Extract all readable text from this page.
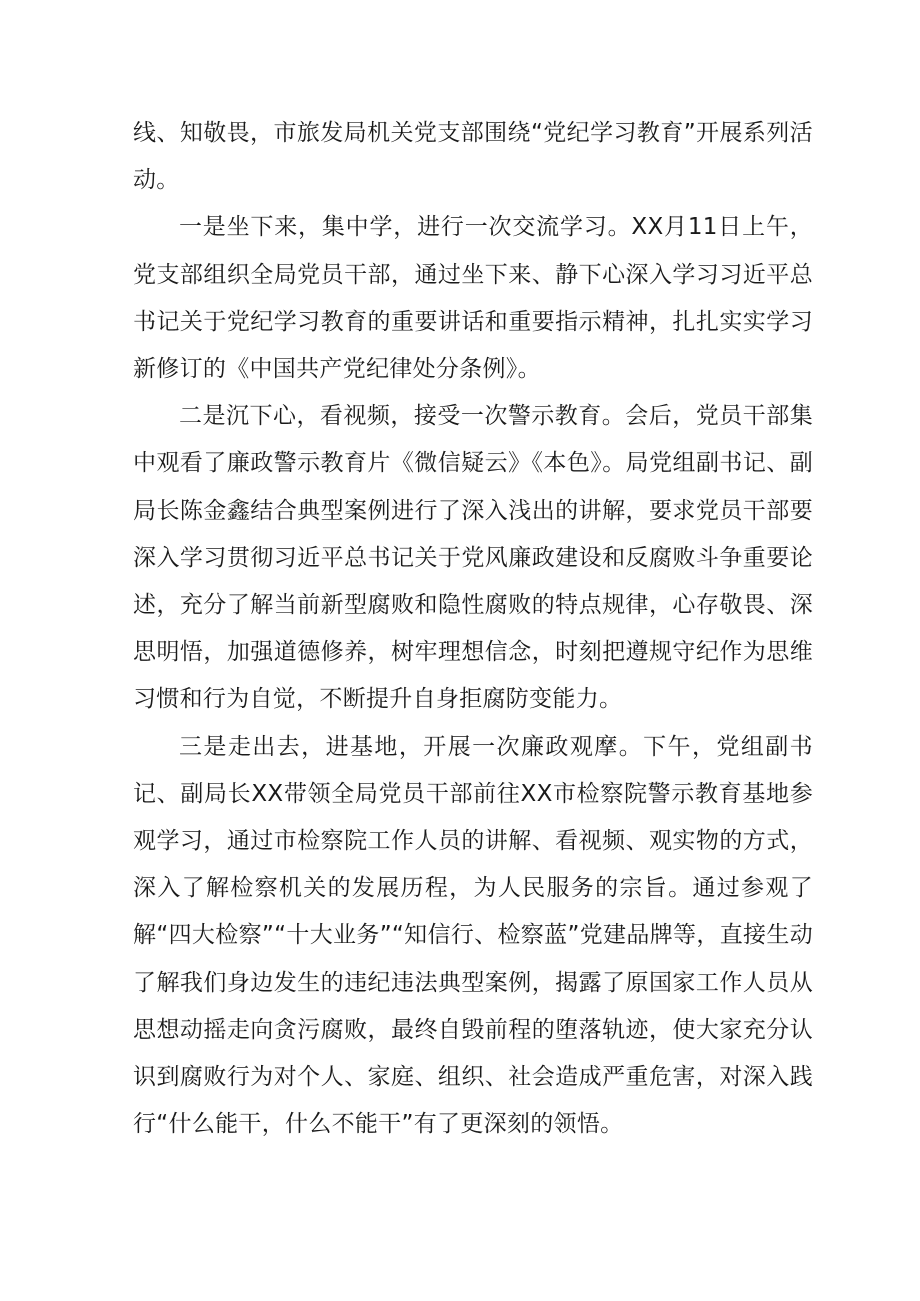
线、知敬畏，市旅发局机关党支部围绕“党纪学习教育”开展系列活动。

一是坐下来，集中学，进行一次交流学习。XX月11日上午，党支部组织全局党员干部，通过坐下来、静下心深入学习习近平总书记关于党纪学习教育的重要讲话和重要指示精神，扎扎实实学习新修订的《中国共产党纪律处分条例》。

二是沉下心，看视频，接受一次警示教育。会后，党员干部集中观看了廉政警示教育片《微信疑云》《本色》。局党组副书记、副局长陈金鑫结合典型案例进行了深入浅出的讲解，要求党员干部要深入学习贯彻习近平总书记关于党风廉政建设和反腐败斗争重要论述，充分了解当前新型腐败和隐性腐败的特点规律，心存敬畏、深思明悟，加强道德修养，树牢理想信念，时刻把遵规守纪作为思维习惯和行为自觉，不断提升自身拒腐防变能力。

三是走出去，进基地，开展一次廉政观摩。下午，党组副书记、副局长XX带领全局党员干部前往XX市检察院警示教育基地参观学习，通过市检察院工作人员的讲解、看视频、观实物的方式，深入了解检察机关的发展历程，为人民服务的宗旨。通过参观了解“四大检察”“十大业务”“知信行、检察蓝”党建品牌等，直接生动了解我们身边发生的违纪违法典型案例，揭露了原国家工作人员从思想动摇走向贪污腐败，最终自毁前程的堕落轨迹，使大家充分认识到腐败行为对个人、家庭、组织、社会造成严重危害，对深入践行“什么能干，什么不能干”有了更深刻的领悟。
